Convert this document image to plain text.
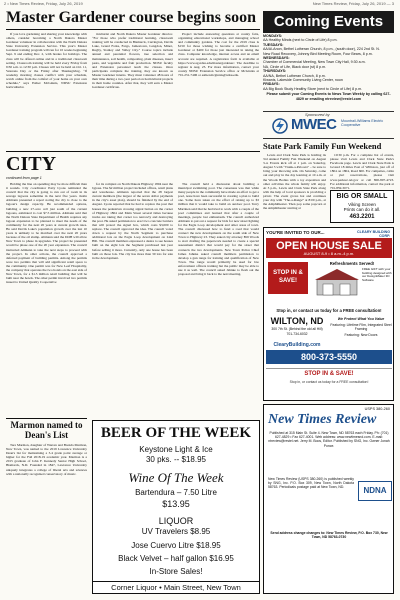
2 • New Times Review, Friday, July 26, 2019	New Times Review, Friday, July 26, 2019 — 3
Master Gardener course begins soon

If you love gardening and sharing your knowledge with others, consider becoming a North Dakota Master Gardener volunteer in collaboration with the North Dakota State University Extension Service. This year's Master Gardener training program will run for 10 weeks beginning Sept. 9 and ending Dec. 2, with breaks for holidays. The class will be offered online and in a traditional classroom setting. Classroom training will be held every Friday from 9:30 a.m. to 12:30 p.m. Classes will not be held on Oct. 11, Veterans Day or the Friday after Thanksgiving. “If weekday morning classes conflict with your schedule, watch online from the comfort of your home on your own schedule,” says Esther McGinnis, NDSU Extension horticulturist.

ticulturist and North Dakota Master Gardener director. “For those who prefer traditional learning, classroom training will be conducted in Bismarck, Carrington, Devils Lake, Grand Forks, Fargo, Jamestown, Langdon, Minot, Rugby, Stanley and Valley City.” Course topics include annual and perennial flowers, tree selection and maintenance, soil health, composting, plant diseases, insect pests, and vegetable and fruit production. NDSU faculty and Extension personnel teach the classes. Once participants complete the training, they are known as Master Gardener interns. They must volunteer 48 hours of their time during a two-year period on horticultural projects in their home counties. After that, they will earn a Master Gardener certificate.

Project include answering questions at county fairs, organizing educational workshops, and managing school and community gardens. The cost for the 2019 class is $150 for those wishing to become a certified Master Gardener or $400 for those just interested in taking the class. Computer knowledge, internet access and an email account are required. A registration form is available at https://www.ag.ndsu.edu/mastergardener/. The deadline to register is Aug. 23. For more information, contact your county NDSU Extension Service office or McGinnis at 701-231-7406 or esther.mcginnis@ndsu.edu.

CITY
continued from page 1

Holding the line on spending may be more difficult than it sounds. City coordinator Patty Lyons reminded the council that the city is going to run out of room in its sewage lagoons sometime in the next five years. Justin Altmann presented a report noting the city is close to the lagoon's design capacity. He recommended options, building a new 27-acre cell just south of the current lagoons, estimated to cost $7.5 million. Altmann said that the North Dakota State Department of Health requires any lagoon expansion to be planned to meet the needs of the community for the next 20 years at current growth rates. He said Devils Lake's population growth over the last 10 years is unlikely to be matched over the next 20 years because of the oil slump. Altmann said the DOH will allow New Town to phase in upgrades. The project he presented would be phase one of the 20 year expansion. The council instructed Altmann to take the next steps to proceed with the project. In other actions, the council approved a deferred payment of building permits. Among the permits were two permits that will add significant retail space to the community. One permit was for New Leaf Hospitality, the company that operates the two hotels on the east side of New Town, for a $1.5 million retail building that will be built near the hotels. The other permit involved two permits issued to United Quality Cooperative

for its complex on North Dakota Highway 1804 near the bypass. The $2 million project included offices, retail plans and warehouse. Altmann reported that the 28 largest current members (the largest of the seven dollar payments in the city's asset plan), should be finished by the end of August. Lyons reported that he had to replace the post that houses the pedestrian crossing signal button on the corner of Highway 1804 and Main Street several times because trucks are taking that corner too narrowly and destroying the post. He asked permission to erect two concrete barriers that will protect the signal box, which costs $3,000 to replace. The council approved the idea. The council voted down a request by the North Segment to purchase additional lots on the Eagle Loop development on Lind Hill. The council members expressed a desire to see houses built on the eight lots the Segment purchased last year before selling it more. Currently, only one house has been built on those lots. The city has more than 30 lots for sale in the development.

The council held a discussion about building a municipal swimming pool. The consensus was that while many people in the community have made an effort to get a pool, none have been successful in creating a plan to build one. Some have taken on the effort of raising up to $3 million that it would take to build an outdoor pool. Terry Martinen said that he had tried to work with a couple of the pool committees and learned that after a couple of meetings, people lost enthusiasm. The council authorized Altmann to put out a request for bids for new street lighting for the Eagle Loop development and other areas of town. The council discussed how to fund a road that would connect the new developments on the south side of New Town to Highway 23. They asked city attorney Bill Woods to start drafting the paperwork needed to create a special assessment district that would pay for the street that connects the two developments. New Town Police Chief James Jahnke asked council members permission to develop a gun range for training and qualification of New Town. The range would primarily be used for law enforcement officers training but the public may be able to use it as well. The council asked Jahnke to flesh out the proposal and bring it back to the next meeting.

Marmon named to Dean's List

Tara Marmon, daughter of Warren and Brenda Marmon, New Town, was named to the 2019 Lawrence University Dean's list for maintaining a 3.4 grade point average or higher for the Fall 2018-19 academic year. Marmon is a 2015 graduate of John F. Kennedy Senior High School, Bismarck, N.D. Founded in 1847, Lawrence University uniquely integrates a college of liberal arts and sciences with a nationally recognized conservatory of music.

BEER OF THE WEEK
Keystone Light & Ice
30 pks. -- $18.95
Wine Of The Week
Bartendura – 7.50 Litre
$13.95
LIQUOR
UV Travelers $8.95
Jose Cuervo Litre $18.95
Black Velvet – half gallon $16.95
In-Store Sales!
Corner Liquor • Main Street, New Town
Coming Events
MONDAYS:
AA Healthy Minds (next to Circle of Life) 8 p.m.
TUESDAYS:
AA/Al-Anon, Bethel Lutheran Church, 8 p.m., (south door), 224 2nd St. N.
New Road Recovery, Johnny Bird Meeting Room, Four Bears, 8 p.m.
WEDNESDAYS:
Chamber of Commercial Meeting, New Town City Hall, 9:30 a.m.
NA, Circle of Life, Black door (st) 8 p.m.
THURSDAYS:
AA/NA, Bethel Lutheran Church, 8 p.m.
Kiwanis, Lakeside Community Living Center, noon
FRIDAYS:
AA Big Book Study Healthy Store (next to Circle of Life) 8 p.m.
Please submit your Coming Events to News Town Weekly by calling 627-4829 or emailing ntreview@restel.com
Sponsored by
MWEC Mountrail-Williams Electric Cooperative
State Park Family Fun Weekend

Lewis and Clark State Park is holding its 3rd Annual Family Fun Weekend on August 3-4. Events kick off at 1 p.m. on Saturday, August 3 with “Trunk-a-Palooza” – be sure to bring your throwing arm. On Saturday, come out and play in the day learning at 10 a.m. at the Woods Bodies with a toy exposition and other activities the whole family will enjoy. At 3 p.m., Lewis and Clark State Park along with the help of local sponsors is providing a picnic. The event grows hot and continues your day with “The-a-Range” at 8:00 p.m., at the Amphitheater. Then pop some popcorn at the Amphitheater starting at

10:30 p.m. For a complete list of events, please visit Lewis and Clark State Park's Facebook page. Lewis and Clark State Park is located 18 miles East of Williston, just off of 1804 on 1804, Road 600. For campsites, cabin or yurt reservations, please visit www.parkrec.nd.gov or call 800-807-4723. For additional information, contact the park at 701-859-3071.

BIG OR SMALL
Viking Screen
Prints can do it all.
463.2201
YOU'RE INVITED TO OUR...	CLEARY BUILDING CORP.
OPEN HOUSE SALE
AUGUST 8-9 • 8 a.m.-4 p.m.
STOP IN & SAVE!
Refreshments Served!
FREE GIFT with your building designed with our DesignMaker 3D Software
Stop in, or contact us today for a FREE consultation!
WILTON, ND
300 7th St. (Behind the old all Hill)
701-734-6032
We Protect What You Value
Featuring: Lifetime Film, Integrated Steel Framing
Featuring: New Doors
ClearyBuilding.com
800-373-5550
STOP IN & SAVE!
Stop in, or contact us today for a FREE consultation!
USPS 380-260
New Times Review
Published at 315 Main St. Suite 4. New Town, ND 58763 each Friday. Ph: (701) 627-4829 • Fax 627-4001. Web address: www.newtimesnd.com. E-mail: ntreview@restel.net. Jerry M. Boos, Editor. Published by SNG, Inc. Owner Jonah Ponce.
New Times Review (USPS 380-260) is published weekly by SNG, Inc. P.O. Box 309, New Town, North Dakota 58763. Periodicals postage paid at New Town, ND.	NDNA
Send address change changes to: New Times Review, P.O. Box 730, New Town, ND 58763-0730
